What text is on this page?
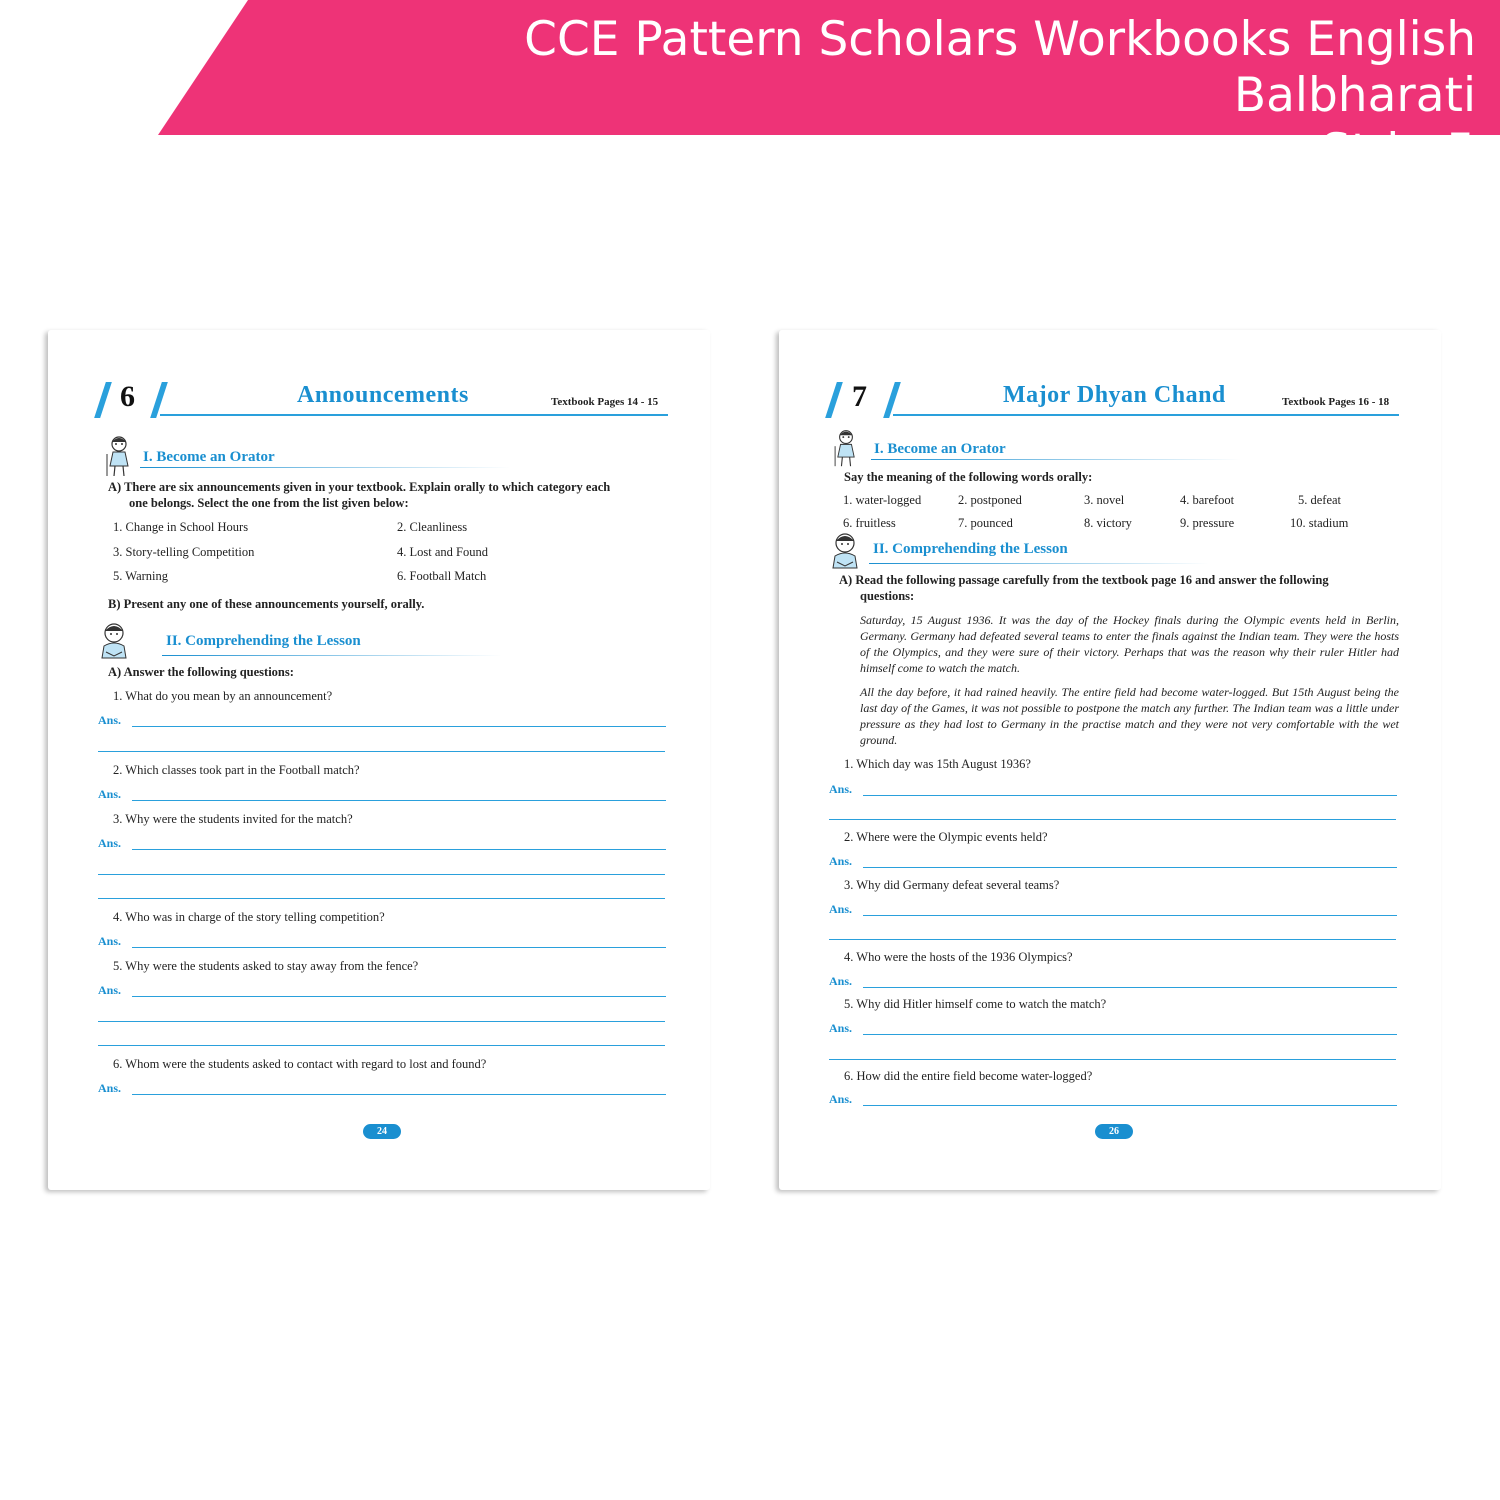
CCE Pattern Scholars Workbooks English Balbharati
Std - 5
6	Announcements	Textbook Pages 14 - 15
I. Become an Orator
A) There are six announcements given in your textbook. Explain orally to which category each
one belongs. Select the one from the list given below:
1. Change in School Hours	2. Cleanliness
3. Story-telling Competition	4. Lost and Found
5. Warning	6. Football Match
B) Present any one of these announcements yourself, orally.
II. Comprehending the Lesson
A) Answer the following questions:
1. What do you mean by an announcement?
Ans.
2. Which classes took part in the Football match?
Ans.
3. Why were the students invited for the match?
Ans.
4. Who was in charge of the story telling competition?
Ans.
5. Why were the students asked to stay away from the fence?
Ans.
6. Whom were the students asked to contact with regard to lost and found?
Ans.
24
7	Major Dhyan Chand	Textbook Pages 16 - 18
I. Become an Orator
Say the meaning of the following words orally:
1. water-logged	2. postponed	3. novel	4. barefoot	5. defeat
6. fruitless	7. pounced	8. victory	9. pressure	10. stadium
II. Comprehending the Lesson
A) Read the following passage carefully from the textbook page 16 and answer the following
questions:
Saturday, 15 August 1936. It was the day of the Hockey finals during the Olympic events held in Berlin, Germany. Germany had defeated several teams to enter the finals against the Indian team. They were the hosts of the Olympics, and they were sure of their victory. Perhaps that was the reason why their ruler Hitler had himself come to watch the match.
All the day before, it had rained heavily. The entire field had become water-logged. But 15th August being the last day of the Games, it was not possible to postpone the match any further. The Indian team was a little under pressure as they had lost to Germany in the practise match and they were not very comfortable with the wet ground.
1. Which day was 15th August 1936?
Ans.
2. Where were the Olympic events held?
Ans.
3. Why did Germany defeat several teams?
Ans.
4. Who were the hosts of the 1936 Olympics?
Ans.
5. Why did Hitler himself come to watch the match?
Ans.
6. How did the entire field become water-logged?
Ans.
26
